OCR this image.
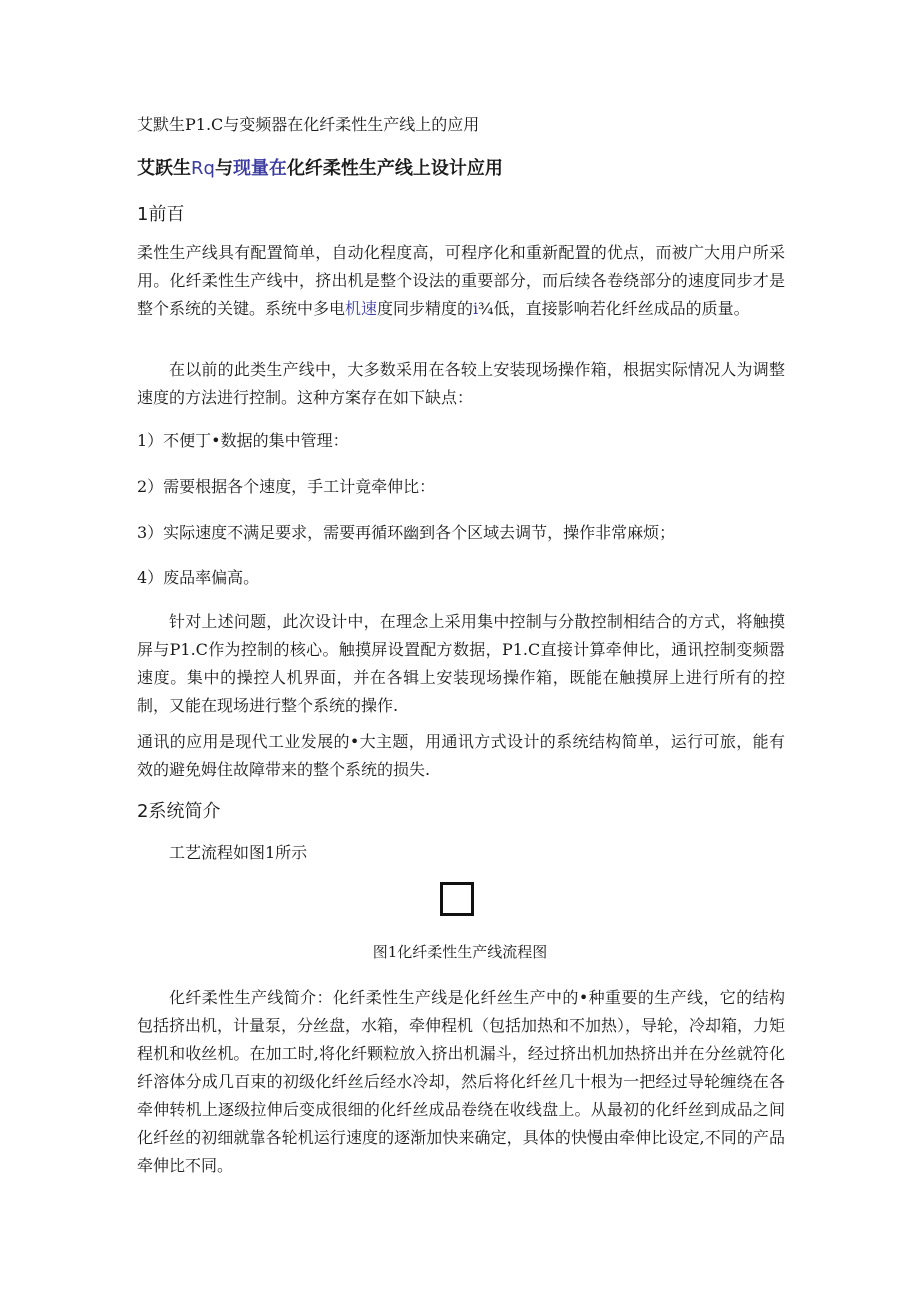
艾默生P1.C与变频器在化纤柔性生产线上的应用

艾跃生Rq与现量在化纤柔性生产线上设计应用
1前百

柔性生产线具有配置简单，自动化程度高，可程序化和重新配置的优点，而被广大用户所采用。化纤柔性生产线中，挤出机是整个设法的重要部分，而后续各卷绕部分的速度同步才是整个系统的关键。系统中多电机速度同步精度的ⅰ¾低，直接影响若化纤丝成品的质量。

在以前的此类生产线中，大多数采用在各较上安装现场操作箱，根据实际情况人为调整速度的方法进行控制。这种方案存在如下缺点：

1）不便丁•数据的集中管理：

2）需要根据各个速度，手工计竟牵伸比：

3）实际速度不满足要求，需要再循环幽到各个区域去调节，操作非常麻烦；

4）废品率偏高。

针对上述问题，此次设计中，在理念上采用集中控制与分散控制相结合的方式，将触摸屏与P1.C作为控制的核心。触摸屏设置配方数据，P1.C直接计算牵伸比，通讯控制变频嚣速度。集中的操控人机界面，并在各辑上安装现场操作箱，既能在触摸屏上进行所有的控制，又能在现场进行整个系统的操作.

通讯的应用是现代工业发展的•大主题，用通讯方式设计的系统结构简单，运行可旅，能有效的避免姆住故障带来的整个系统的损失.

2系统简介

工艺流程如图1所示

图1化纤柔性生产线流程图

化纤柔性生产线简介：化纤柔性生产线是化纤丝生产中的•种重要的生产线，它的结构包括挤出机，计量泵，分丝盘，水箱，牵伸程机（包括加热和不加热），导轮，冷却箱，力矩程机和收丝机。在加工时,将化纤颗粒放入挤出机漏斗，经过挤出机加热挤出并在分丝就符化纤溶体分成几百束的初级化纤丝后经水冷却，然后将化纤丝几十根为一把经过导轮缠绕在各牵伸转机上逐级拉伸后变成很细的化纤丝成品卷绕在收线盘上。从最初的化纤丝到成品之间化纤丝的初细就靠各轮机运行速度的逐渐加快来确定，具体的快慢由牵伸比设定,不同的产品牵伸比不同。
